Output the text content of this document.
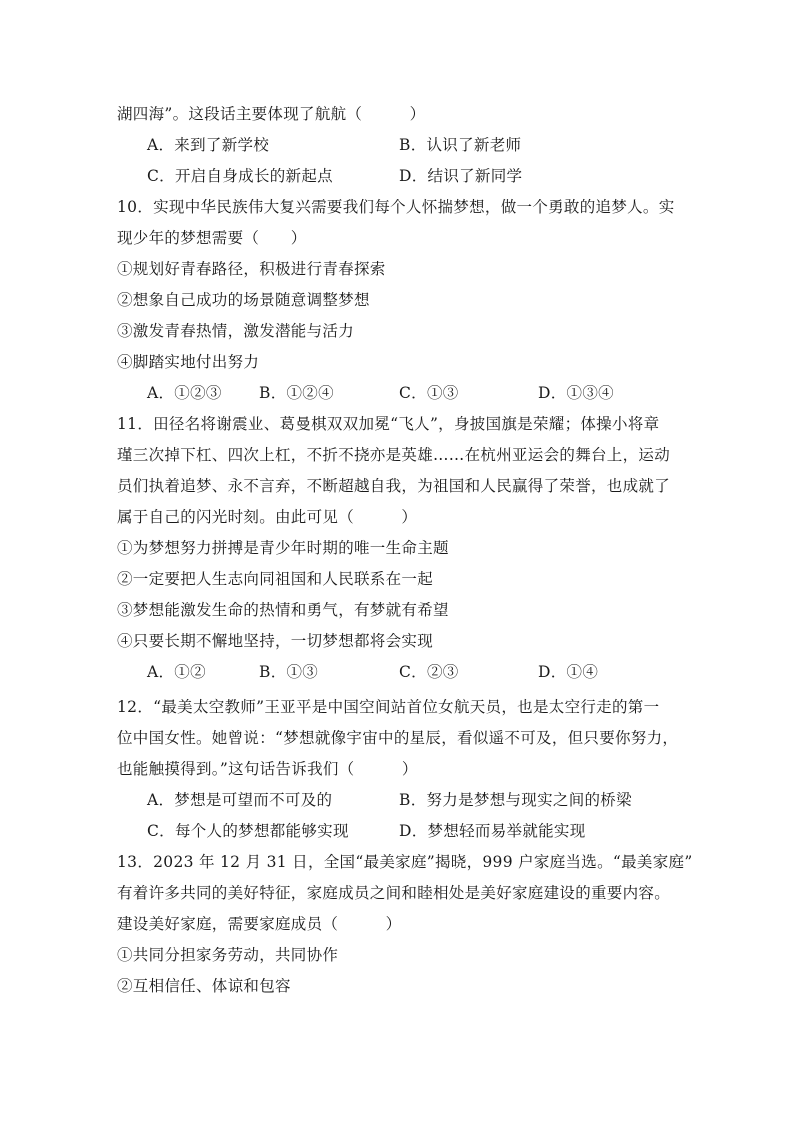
湖四海”。这段话主要体现了航航（　　　）
A．来到了新学校	B．认识了新老师
C．开启自身成长的新起点	D．结识了新同学
10．实现中华民族伟大复兴需要我们每个人怀揣梦想，做一个勇敢的追梦人。实
现少年的梦想需要（　　）
①规划好青春路径，积极进行青春探索
②想象自己成功的场景随意调整梦想
③激发青春热情，激发潜能与活力
④脚踏实地付出努力
A．①②③ B．①②④	C．①③	D．①③④
11．田径名将谢震业、葛曼棋双双加冕“飞人”，身披国旗是荣耀；体操小将章
瑾三次掉下杠、四次上杠，不折不挠亦是英雄……在杭州亚运会的舞台上，运动
员们执着追梦、永不言弃，不断超越自我，为祖国和人民赢得了荣誉，也成就了
属于自己的闪光时刻。由此可见（　　　）
①为梦想努力拼搏是青少年时期的唯一生命主题
②一定要把人生志向同祖国和人民联系在一起
③梦想能激发生命的热情和勇气，有梦就有希望
④只要长期不懈地坚持，一切梦想都将会实现
A．①②	B．①③	C．②③	D．①④
12．“最美太空教师”王亚平是中国空间站首位女航天员，也是太空行走的第一
位中国女性。她曾说：“梦想就像宇宙中的星辰，看似遥不可及，但只要你努力，
也能触摸得到。”这句话告诉我们（　　　）
A．梦想是可望而不可及的	B．努力是梦想与现实之间的桥梁
C．每个人的梦想都能够实现	D．梦想轻而易举就能实现
13．2023 年 12 月 31 日，全国“最美家庭”揭晓，999 户家庭当选。“最美家庭”
有着许多共同的美好特征，家庭成员之间和睦相处是美好家庭建设的重要内容。
建设美好家庭，需要家庭成员（　　　）
①共同分担家务劳动，共同协作
②互相信任、体谅和包容
